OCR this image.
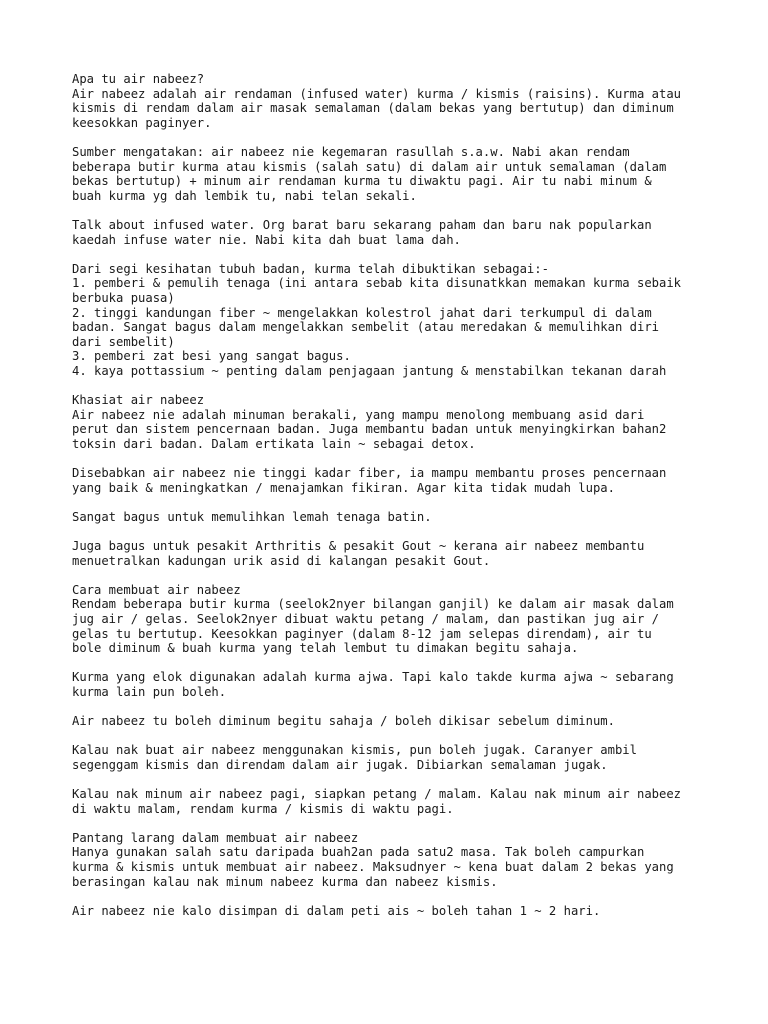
Apa tu air nabeez?
Air nabeez adalah air rendaman (infused water) kurma / kismis (raisins). Kurma atau
kismis di rendam dalam air masak semalaman (dalam bekas yang bertutup) dan diminum
keesokkan paginyer.
Sumber mengatakan: air nabeez nie kegemaran rasullah s.a.w. Nabi akan rendam
beberapa butir kurma atau kismis (salah satu) di dalam air untuk semalaman (dalam
bekas bertutup) + minum air rendaman kurma tu diwaktu pagi. Air tu nabi minum &
buah kurma yg dah lembik tu, nabi telan sekali.
Talk about infused water. Org barat baru sekarang paham dan baru nak popularkan
kaedah infuse water nie. Nabi kita dah buat lama dah.
Dari segi kesihatan tubuh badan, kurma telah dibuktikan sebagai:-
1. pemberi & pemulih tenaga (ini antara sebab kita disunatkkan memakan kurma sebaik
berbuka puasa)
2. tinggi kandungan fiber ~ mengelakkan kolestrol jahat dari terkumpul di dalam
badan. Sangat bagus dalam mengelakkan sembelit (atau meredakan & memulihkan diri
dari sembelit)
3. pemberi zat besi yang sangat bagus.
4. kaya pottassium ~ penting dalam penjagaan jantung & menstabilkan tekanan darah
Khasiat air nabeez
Air nabeez nie adalah minuman berakali, yang mampu menolong membuang asid dari
perut dan sistem pencernaan badan. Juga membantu badan untuk menyingkirkan bahan2
toksin dari badan. Dalam ertikata lain ~ sebagai detox.
Disebabkan air nabeez nie tinggi kadar fiber, ia mampu membantu proses pencernaan
yang baik & meningkatkan / menajamkan fikiran. Agar kita tidak mudah lupa.
Sangat bagus untuk memulihkan lemah tenaga batin.
Juga bagus untuk pesakit Arthritis & pesakit Gout ~ kerana air nabeez membantu
menuetralkan kadungan urik asid di kalangan pesakit Gout.
Cara membuat air nabeez
Rendam beberapa butir kurma (seelok2nyer bilangan ganjil) ke dalam air masak dalam
jug air / gelas. Seelok2nyer dibuat waktu petang / malam, dan pastikan jug air /
gelas tu bertutup. Keesokkan paginyer (dalam 8-12 jam selepas direndam), air tu
bole diminum & buah kurma yang telah lembut tu dimakan begitu sahaja.
Kurma yang elok digunakan adalah kurma ajwa. Tapi kalo takde kurma ajwa ~ sebarang
kurma lain pun boleh.
Air nabeez tu boleh diminum begitu sahaja / boleh dikisar sebelum diminum.
Kalau nak buat air nabeez menggunakan kismis, pun boleh jugak. Caranyer ambil
segenggam kismis dan direndam dalam air jugak. Dibiarkan semalaman jugak.
Kalau nak minum air nabeez pagi, siapkan petang / malam. Kalau nak minum air nabeez
di waktu malam, rendam kurma / kismis di waktu pagi.
Pantang larang dalam membuat air nabeez
Hanya gunakan salah satu daripada buah2an pada satu2 masa. Tak boleh campurkan
kurma & kismis untuk membuat air nabeez. Maksudnyer ~ kena buat dalam 2 bekas yang
berasingan kalau nak minum nabeez kurma dan nabeez kismis.
Air nabeez nie kalo disimpan di dalam peti ais ~ boleh tahan 1 ~ 2 hari.
